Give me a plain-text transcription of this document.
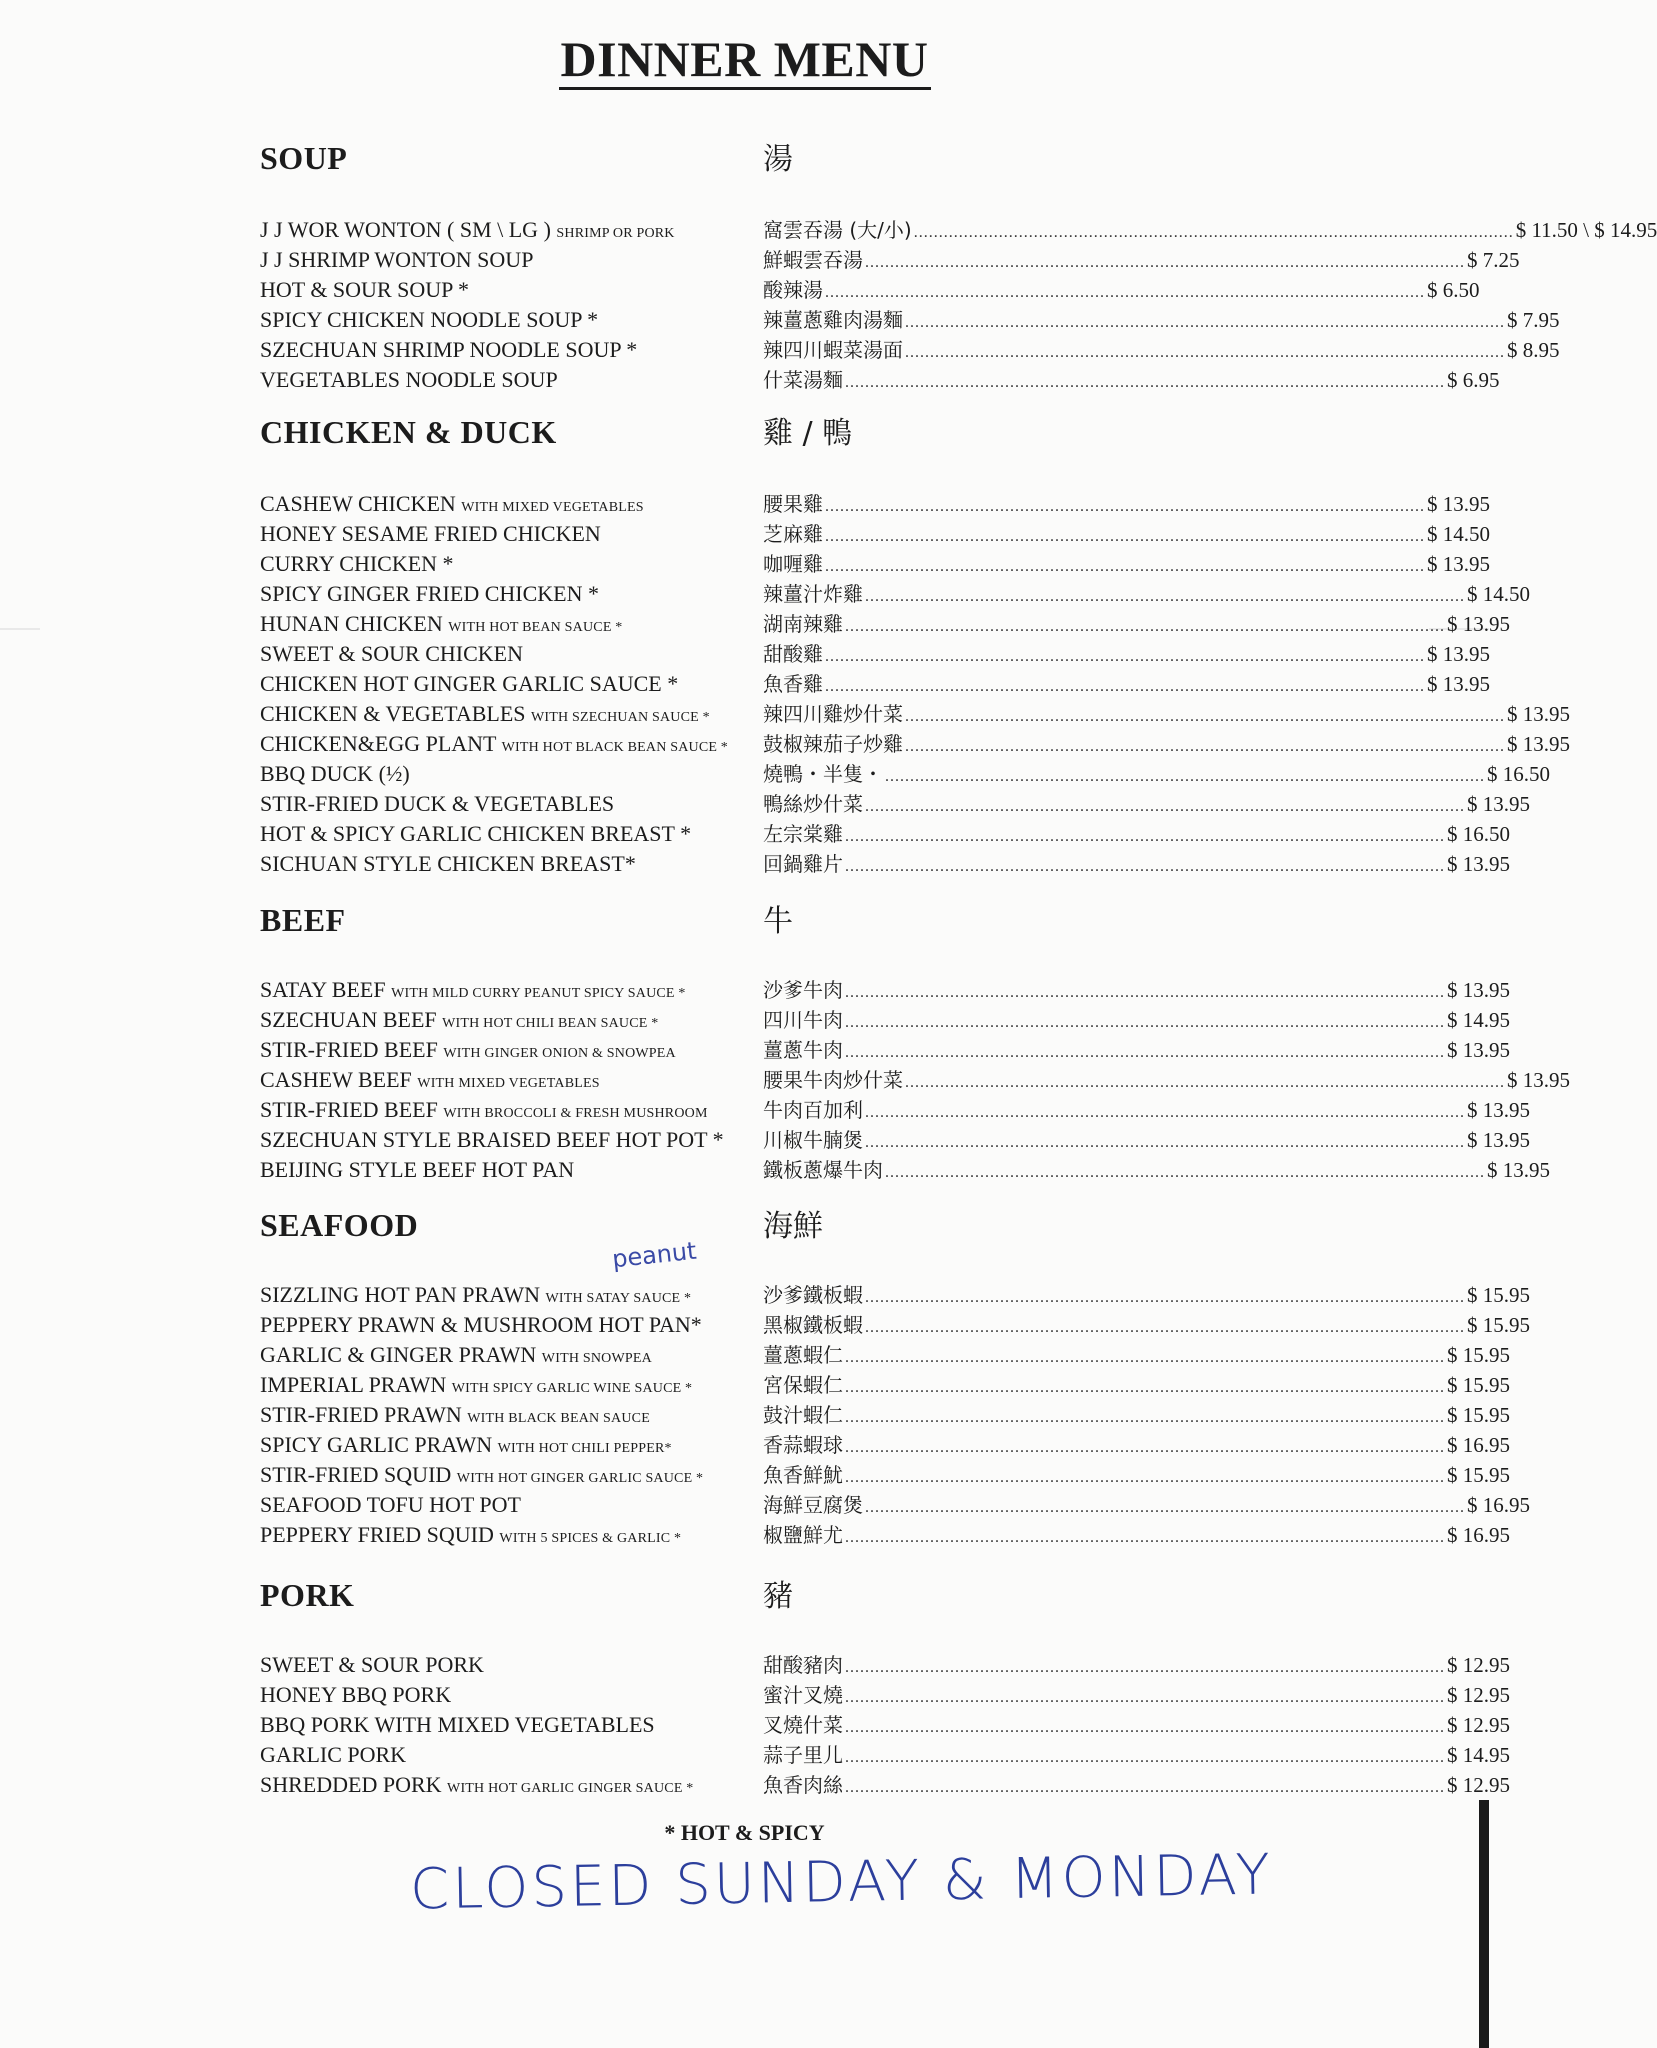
DINNER MENU
SOUP	湯
J J WOR WONTON ( SM \ LG ) SHRIMP OR PORK	窩雲吞湯 (大/小) ........................................................................................................................ $ 11.50 \ $ 14.95
J J SHRIMP WONTON SOUP	鮮蝦雲吞湯 ........................................................................................................................ $ 7.25
HOT & SOUR SOUP *	酸辣湯 ........................................................................................................................ $ 6.50
SPICY CHICKEN NOODLE SOUP *	辣薑蔥雞肉湯麵 ........................................................................................................................ $ 7.95
SZECHUAN SHRIMP NOODLE SOUP *	辣四川蝦菜湯面 ........................................................................................................................ $ 8.95
VEGETABLES NOODLE SOUP	什菜湯麵 ........................................................................................................................ $ 6.95
CHICKEN & DUCK	雞 / 鴨
CASHEW CHICKEN WITH MIXED VEGETABLES	腰果雞 ........................................................................................................................ $ 13.95
HONEY SESAME FRIED CHICKEN	芝麻雞 ........................................................................................................................ $ 14.50
CURRY CHICKEN *	咖喱雞 ........................................................................................................................ $ 13.95
SPICY GINGER FRIED CHICKEN *	辣薑汁炸雞 ........................................................................................................................ $ 14.50
HUNAN CHICKEN WITH HOT BEAN SAUCE *	湖南辣雞 ........................................................................................................................ $ 13.95
SWEET & SOUR CHICKEN	甜酸雞 ........................................................................................................................ $ 13.95
CHICKEN HOT GINGER GARLIC SAUCE *	魚香雞 ........................................................................................................................ $ 13.95
CHICKEN & VEGETABLES WITH SZECHUAN SAUCE *	辣四川雞炒什菜 ........................................................................................................................ $ 13.95
CHICKEN&EGG PLANT WITH HOT BLACK BEAN SAUCE * 鼓椒辣茄子炒雞 ........................................................................................................................ $ 13.95
BBQ DUCK (½)	燒鴨・半隻・ ........................................................................................................................ $ 16.50
STIR-FRIED DUCK & VEGETABLES	鴨絲炒什菜 ........................................................................................................................ $ 13.95
HOT & SPICY GARLIC CHICKEN BREAST *	左宗棠雞 ........................................................................................................................ $ 16.50
SICHUAN STYLE CHICKEN BREAST*	回鍋雞片 ........................................................................................................................ $ 13.95
BEEF	牛
SATAY BEEF WITH MILD CURRY PEANUT SPICY SAUCE *	沙爹牛肉 ........................................................................................................................ $ 13.95
SZECHUAN BEEF WITH HOT CHILI BEAN SAUCE *	四川牛肉 ........................................................................................................................ $ 14.95
STIR-FRIED BEEF WITH GINGER ONION & SNOWPEA	薑蔥牛肉 ........................................................................................................................ $ 13.95
CASHEW BEEF WITH MIXED VEGETABLES	腰果牛肉炒什菜 ........................................................................................................................ $ 13.95
STIR-FRIED BEEF WITH BROCCOLI & FRESH MUSHROOM	牛肉百加利 ........................................................................................................................ $ 13.95
SZECHUAN STYLE BRAISED BEEF HOT POT * 川椒牛腩煲 ........................................................................................................................ $ 13.95
BEIJING STYLE BEEF HOT PAN	鐵板蔥爆牛肉 ........................................................................................................................ $ 13.95
SEAFOOD	海鮮
SIZZLING HOT PAN PRAWN WITH SATAY SAUCE *	沙爹鐵板蝦 ........................................................................................................................ $ 15.95
PEPPERY PRAWN & MUSHROOM HOT PAN*	黑椒鐵板蝦 ........................................................................................................................ $ 15.95
GARLIC & GINGER PRAWN WITH SNOWPEA	薑蔥蝦仁 ........................................................................................................................ $ 15.95
IMPERIAL PRAWN WITH SPICY GARLIC WINE SAUCE *	宮保蝦仁 ........................................................................................................................ $ 15.95
STIR-FRIED PRAWN WITH BLACK BEAN SAUCE	鼓汁蝦仁 ........................................................................................................................ $ 15.95
SPICY GARLIC PRAWN WITH HOT CHILI PEPPER*	香蒜蝦球 ........................................................................................................................ $ 16.95
STIR-FRIED SQUID WITH HOT GINGER GARLIC SAUCE *	魚香鮮魷 ........................................................................................................................ $ 15.95
SEAFOOD TOFU HOT POT	海鮮豆腐煲 ........................................................................................................................ $ 16.95
PEPPERY FRIED SQUID WITH 5 SPICES & GARLIC *	椒鹽鮮尤 ........................................................................................................................ $ 16.95
PORK	豬
SWEET & SOUR PORK	甜酸豬肉 ........................................................................................................................ $ 12.95
HONEY BBQ PORK	蜜汁叉燒 ........................................................................................................................ $ 12.95
BBQ PORK WITH MIXED VEGETABLES	叉燒什菜 ........................................................................................................................ $ 12.95
GARLIC PORK	蒜子里儿 ........................................................................................................................ $ 14.95
SHREDDED PORK WITH HOT GARLIC GINGER SAUCE *	魚香肉絲 ........................................................................................................................ $ 12.95
peanut
* HOT & SPICY
CLOSED SUNDAY & MONDAY
